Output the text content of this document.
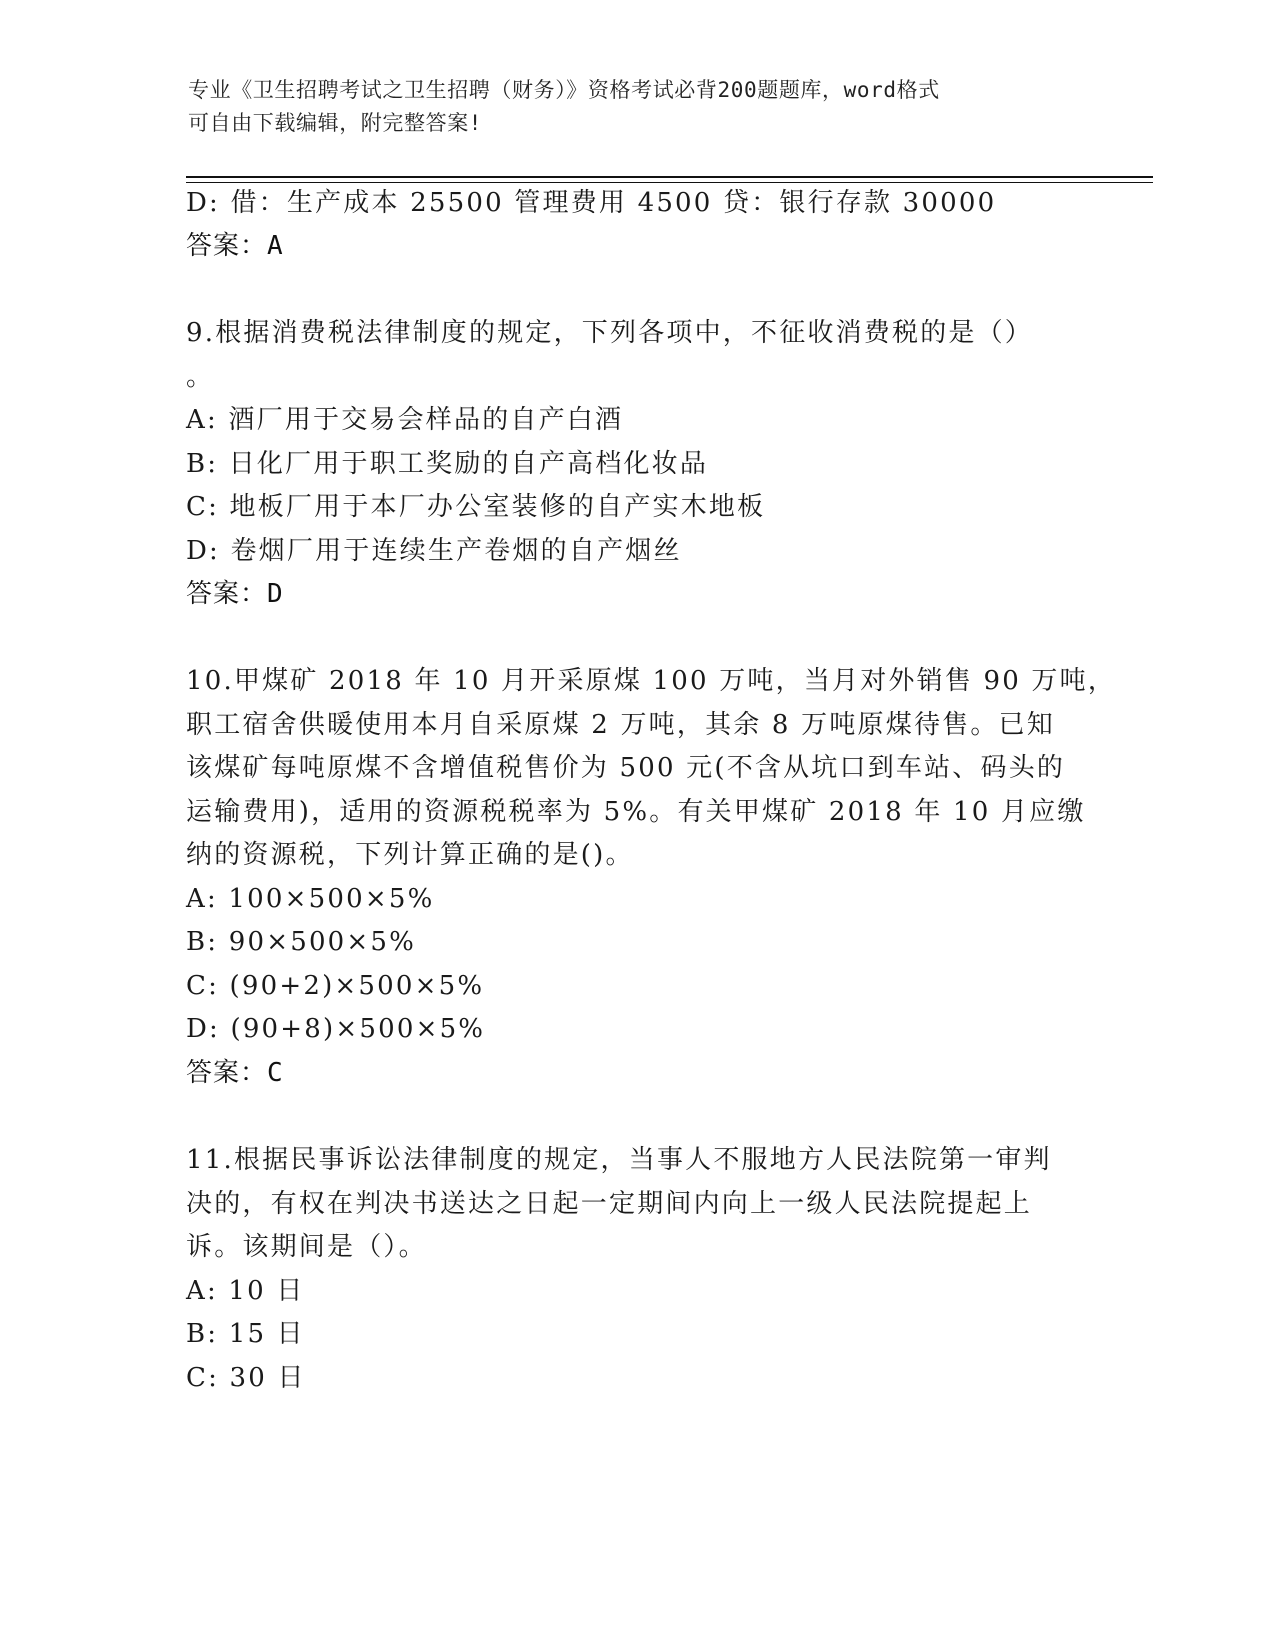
专业《卫生招聘考试之卫生招聘（财务）》资格考试必背200题题库，word格式
可自由下载编辑，附完整答案!
D: 借：生产成本 25500 管理费用 4500 贷：银行存款 30000
答案：A
9.根据消费税法律制度的规定，下列各项中，不征收消费税的是（）
。
A: 酒厂用于交易会样品的自产白酒
B: 日化厂用于职工奖励的自产高档化妆品
C: 地板厂用于本厂办公室装修的自产实木地板
D: 卷烟厂用于连续生产卷烟的自产烟丝
答案：D
10.甲煤矿 2018 年 10 月开采原煤 100 万吨，当月对外销售 90 万吨，
职工宿舍供暖使用本月自采原煤 2 万吨，其余 8 万吨原煤待售。已知
该煤矿每吨原煤不含增值税售价为 500 元(不含从坑口到车站、码头的
运输费用)，适用的资源税税率为 5%。有关甲煤矿 2018 年 10 月应缴
纳的资源税，下列计算正确的是()。
A: 100×500×5%
B: 90×500×5%
C: (90+2)×500×5%
D: (90+8)×500×5%
答案：C
11.根据民事诉讼法律制度的规定，当事人不服地方人民法院第一审判
决的，有权在判决书送达之日起一定期间内向上一级人民法院提起上
诉。该期间是（）。
A: 10 日
B: 15 日
C: 30 日
